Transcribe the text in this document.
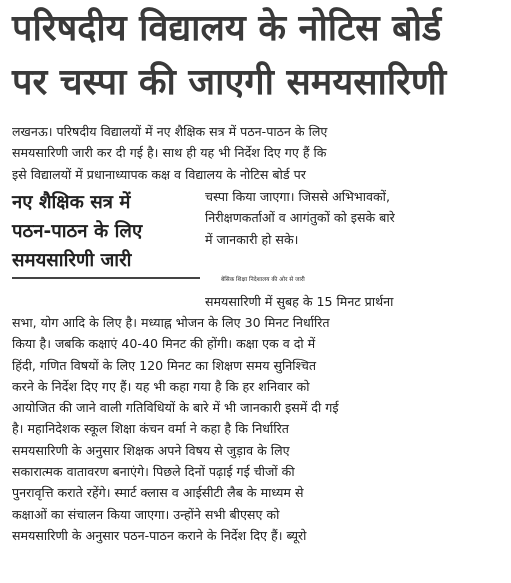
परिषदीय विद्यालय के नोटिस बोर्ड
पर चस्पा की जाएगी समयसारिणी
लखनऊ। परिषदीय विद्यालयों में नए शैक्षिक सत्र में पठन-पाठन के लिए
समयसारिणी जारी कर दी गई है। साथ ही यह भी निर्देश दिए गए हैं कि
इसे विद्यालयों में प्रधानाध्यापक कक्ष व विद्यालय के नोटिस बोर्ड पर
नए शैक्षिक सत्र में
पठन-पाठन के लिए
समयसारिणी जारी
चस्पा किया जाएगा। जिससे अभिभावकों,
निरीक्षणकर्ताओं व आगंतुकों को इसके बारे
में जानकारी हो सके।
बेसिक शिक्षा निदेशालय की ओर से जारी
समयसारिणी में सुबह के 15 मिनट प्रार्थना
सभा, योग आदि के लिए है। मध्याह्न भोजन के लिए 30 मिनट निर्धारित
किया है। जबकि कक्षाएं 40-40 मिनट की होंगी। कक्षा एक व दो में
हिंदी, गणित विषयों के लिए 120 मिनट का शिक्षण समय सुनिश्चित
करने के निर्देश दिए गए हैं। यह भी कहा गया है कि हर शनिवार को
आयोजित की जाने वाली गतिविधियों के बारे में भी जानकारी इसमें दी गई
है। महानिदेशक स्कूल शिक्षा कंचन वर्मा ने कहा है कि निर्धारित
समयसारिणी के अनुसार शिक्षक अपने विषय से जुड़ाव के लिए
सकारात्मक वातावरण बनाएंगे। पिछले दिनों पढ़ाई गई चीजों की
पुनरावृत्ति कराते रहेंगे। स्मार्ट क्लास व आईसीटी लैब के माध्यम से
कक्षाओं का संचालन किया जाएगा। उन्होंने सभी बीएसए को
समयसारिणी के अनुसार पठन-पाठन कराने के निर्देश दिए हैं। ब्यूरो
